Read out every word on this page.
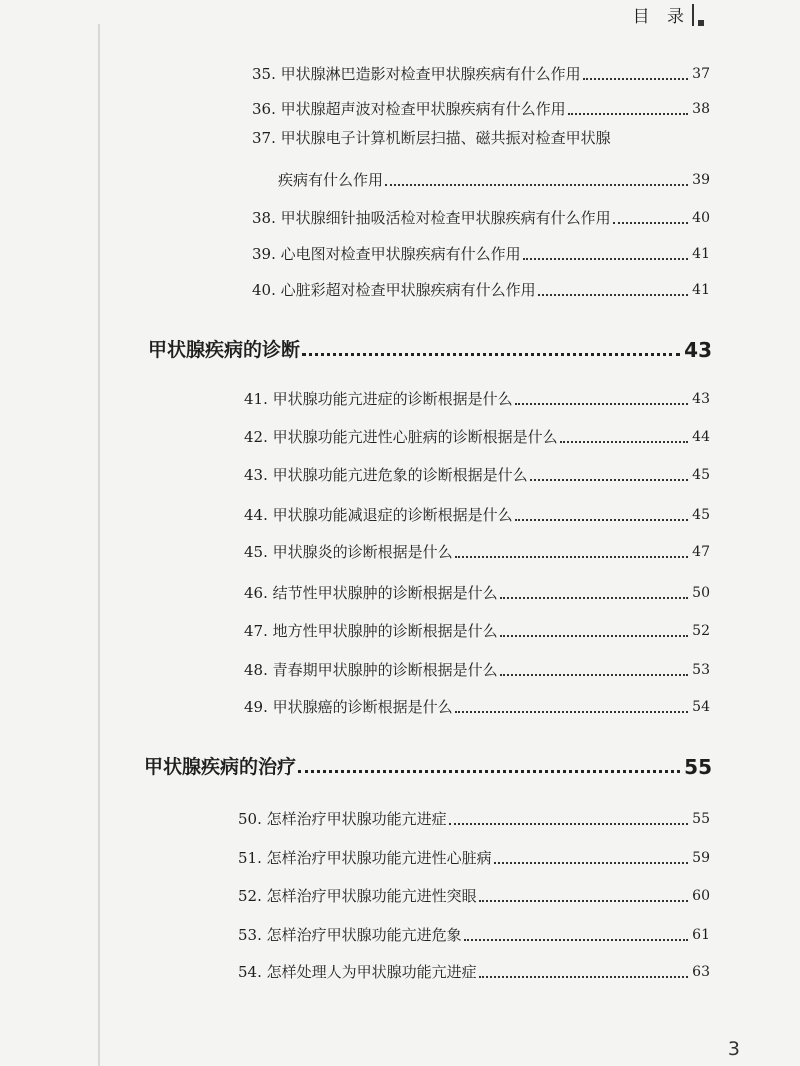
目 录
35. 甲状腺淋巴造影对检查甲状腺疾病有什么作用	37
36. 甲状腺超声波对检查甲状腺疾病有什么作用	38
37. 甲状腺电子计算机断层扫描、磁共振对检查甲状腺
疾病有什么作用	39
38. 甲状腺细针抽吸活检对检查甲状腺疾病有什么作用	40
39. 心电图对检查甲状腺疾病有什么作用	41
40. 心脏彩超对检查甲状腺疾病有什么作用	41
甲状腺疾病的诊断	43
41. 甲状腺功能亢进症的诊断根据是什么	43
42. 甲状腺功能亢进性心脏病的诊断根据是什么	44
43. 甲状腺功能亢进危象的诊断根据是什么	45
44. 甲状腺功能减退症的诊断根据是什么	45
45. 甲状腺炎的诊断根据是什么	47
46. 结节性甲状腺肿的诊断根据是什么	50
47. 地方性甲状腺肿的诊断根据是什么	52
48. 青春期甲状腺肿的诊断根据是什么	53
49. 甲状腺癌的诊断根据是什么	54
甲状腺疾病的治疗	55
50. 怎样治疗甲状腺功能亢进症	55
51. 怎样治疗甲状腺功能亢进性心脏病	59
52. 怎样治疗甲状腺功能亢进性突眼	60
53. 怎样治疗甲状腺功能亢进危象	61
54. 怎样处理人为甲状腺功能亢进症	63
3
